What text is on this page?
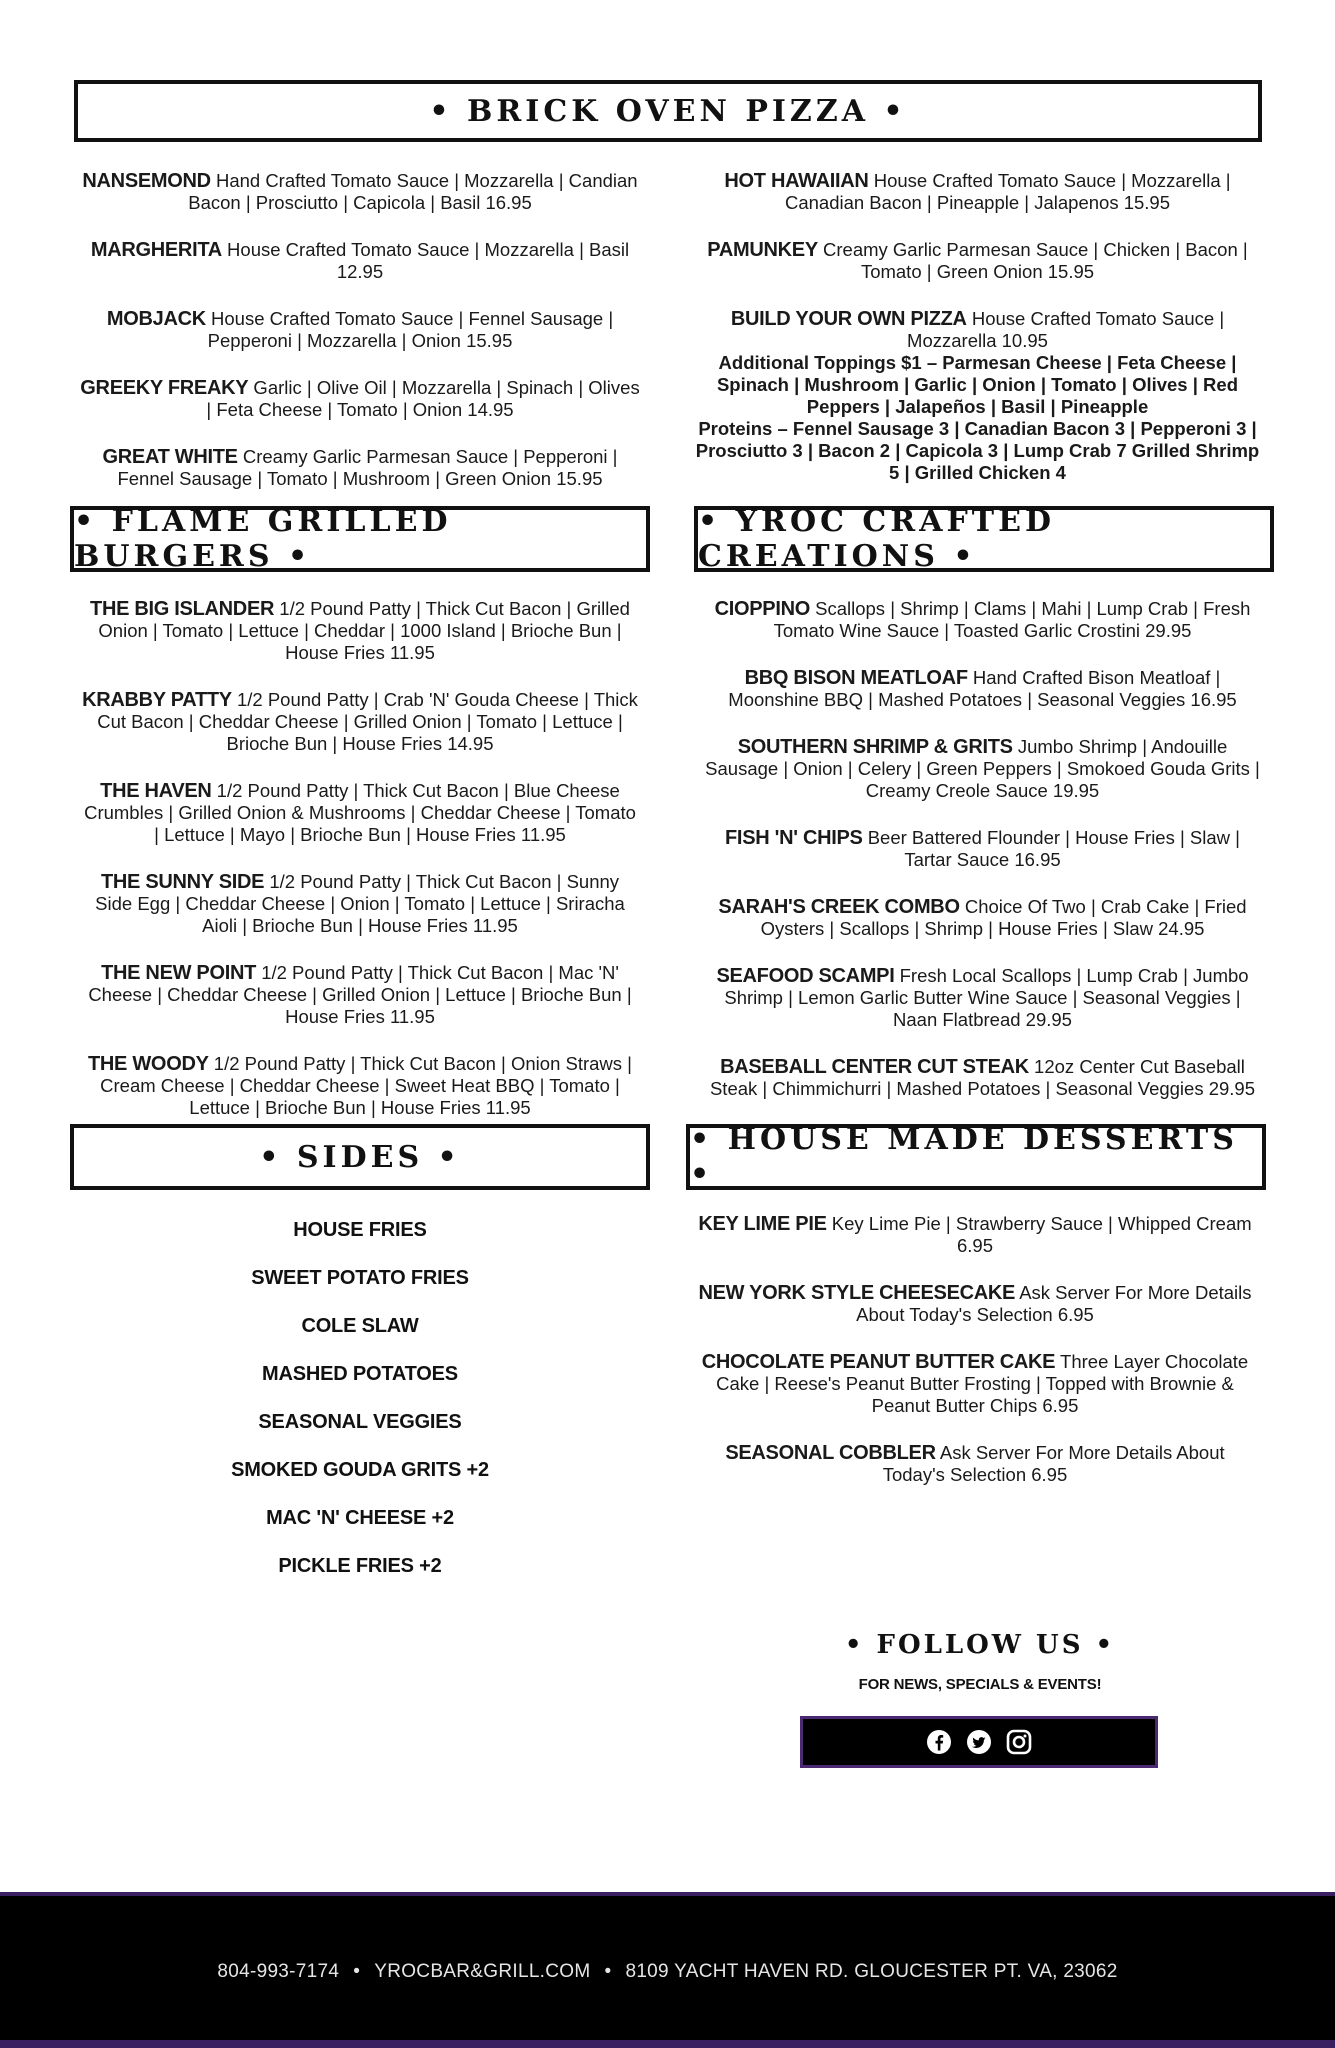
• BRICK OVEN PIZZA •
• FLAME GRILLED BURGERS •
• YROC CRAFTED CREATIONS •
• SIDES •	• HOUSE MADE DESSERTS •

NANSEMOND Hand Crafted Tomato Sauce | Mozzarella | Candian Bacon | Prosciutto | Capicola | Basil 16.95

MARGHERITA House Crafted Tomato Sauce | Mozzarella | Basil 12.95

MOBJACK House Crafted Tomato Sauce | Fennel Sausage | Pepperoni | Mozzarella | Onion 15.95

GREEKY FREAKY Garlic | Olive Oil | Mozzarella | Spinach | Olives | Feta Cheese | Tomato | Onion 14.95

GREAT WHITE Creamy Garlic Parmesan Sauce | Pepperoni | Fennel Sausage | Tomato | Mushroom | Green Onion 15.95

HOT HAWAIIAN House Crafted Tomato Sauce | Mozzarella | Canadian Bacon | Pineapple | Jalapenos 15.95

PAMUNKEY Creamy Garlic Parmesan Sauce | Chicken | Bacon | Tomato | Green Onion 15.95

BUILD YOUR OWN PIZZA House Crafted Tomato Sauce | Mozzarella 10.95
Additional Toppings $1 – Parmesan Cheese | Feta Cheese | Spinach | Mushroom | Garlic | Onion | Tomato | Olives | Red Peppers | Jalapeños | Basil | Pineapple
Proteins – Fennel Sausage 3 | Canadian Bacon 3 | Pepperoni 3 | Prosciutto 3 | Bacon 2 | Capicola 3 | Lump Crab 7 Grilled Shrimp 5 | Grilled Chicken 4

THE BIG ISLANDER 1/2 Pound Patty | Thick Cut Bacon | Grilled Onion | Tomato | Lettuce | Cheddar | 1000 Island | Brioche Bun | House Fries 11.95

KRABBY PATTY 1/2 Pound Patty | Crab 'N' Gouda Cheese | Thick Cut Bacon | Cheddar Cheese | Grilled Onion | Tomato | Lettuce | Brioche Bun | House Fries 14.95

THE HAVEN 1/2 Pound Patty | Thick Cut Bacon | Blue Cheese Crumbles | Grilled Onion & Mushrooms | Cheddar Cheese | Tomato | Lettuce | Mayo | Brioche Bun | House Fries 11.95

THE SUNNY SIDE 1/2 Pound Patty | Thick Cut Bacon | Sunny Side Egg | Cheddar Cheese | Onion | Tomato | Lettuce | Sriracha Aioli | Brioche Bun | House Fries 11.95

THE NEW POINT 1/2 Pound Patty | Thick Cut Bacon | Mac 'N' Cheese | Cheddar Cheese | Grilled Onion | Lettuce | Brioche Bun | House Fries 11.95

THE WOODY 1/2 Pound Patty | Thick Cut Bacon | Onion Straws | Cream Cheese | Cheddar Cheese | Sweet Heat BBQ | Tomato | Lettuce | Brioche Bun | House Fries 11.95

CIOPPINO Scallops | Shrimp | Clams | Mahi | Lump Crab | Fresh Tomato Wine Sauce | Toasted Garlic Crostini 29.95

BBQ BISON MEATLOAF Hand Crafted Bison Meatloaf | Moonshine BBQ | Mashed Potatoes | Seasonal Veggies 16.95

SOUTHERN SHRIMP & GRITS Jumbo Shrimp | Andouille Sausage | Onion | Celery | Green Peppers | Smokoed Gouda Grits | Creamy Creole Sauce 19.95

FISH 'N' CHIPS Beer Battered Flounder | House Fries | Slaw | Tartar Sauce 16.95

SARAH'S CREEK COMBO Choice Of Two | Crab Cake | Fried Oysters | Scallops | Shrimp | House Fries | Slaw 24.95

SEAFOOD SCAMPI Fresh Local Scallops | Lump Crab | Jumbo Shrimp | Lemon Garlic Butter Wine Sauce | Seasonal Veggies | Naan Flatbread 29.95

BASEBALL CENTER CUT STEAK 12oz Center Cut Baseball Steak | Chimmichurri | Mashed Potatoes | Seasonal Veggies 29.95

HOUSE FRIES
SWEET POTATO FRIES
COLE SLAW
MASHED POTATOES
SEASONAL VEGGIES
SMOKED GOUDA GRITS +2
MAC 'N' CHEESE +2
PICKLE FRIES +2

KEY LIME PIE Key Lime Pie | Strawberry Sauce | Whipped Cream 6.95

NEW YORK STYLE CHEESECAKE Ask Server For More Details About Today's Selection 6.95

CHOCOLATE PEANUT BUTTER CAKE Three Layer Chocolate Cake | Reese's Peanut Butter Frosting | Topped with Brownie & Peanut Butter Chips 6.95

SEASONAL COBBLER Ask Server For More Details About Today's Selection 6.95

• FOLLOW US •
FOR NEWS, SPECIALS & EVENTS!
804-993-7174 • YROCBAR&GRILL.COM • 8109 YACHT HAVEN RD. GLOUCESTER PT. VA, 23062
